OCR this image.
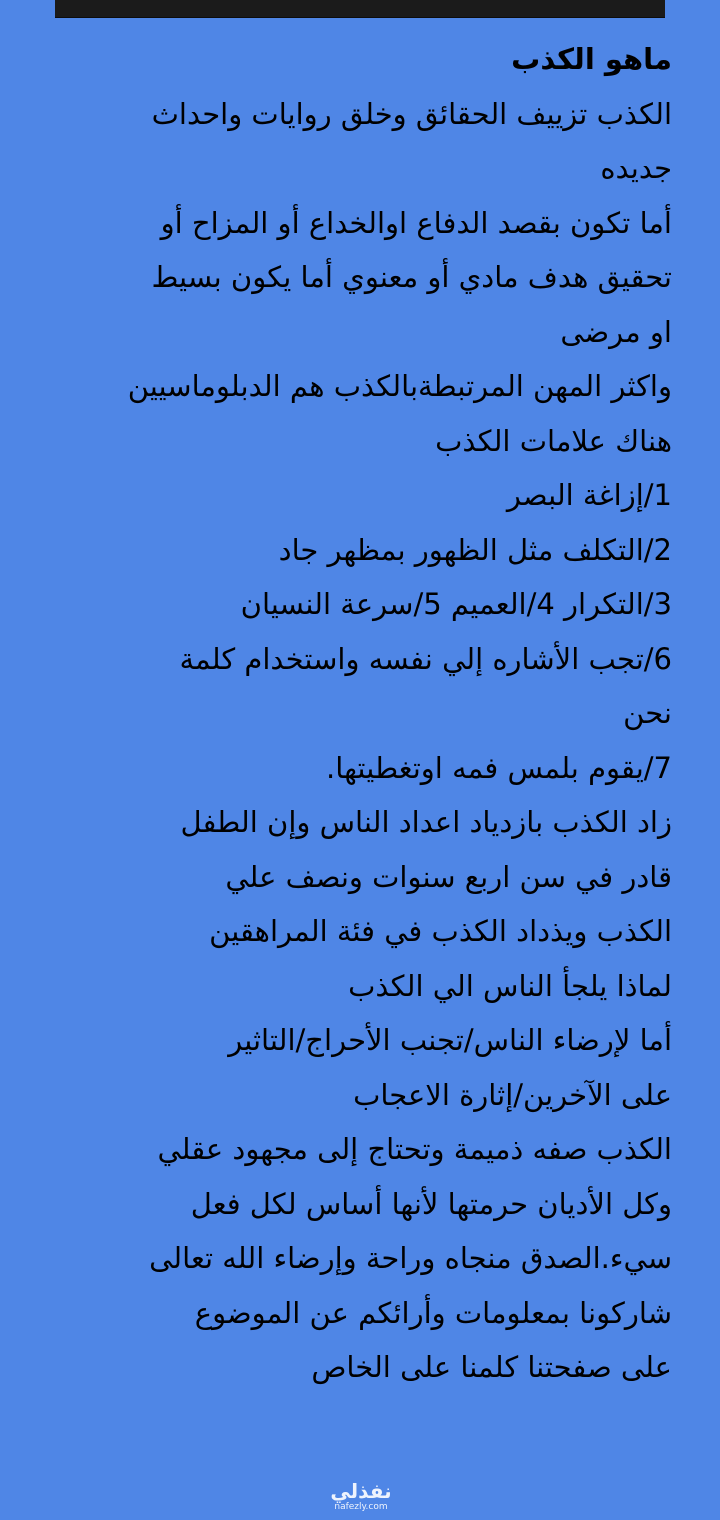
ماهو الكذب
الكذب تزييف الحقائق وخلق روايات واحداث
جديده
أما تكون بقصد الدفاع اوالخداع أو المزاح أو
تحقيق هدف مادي أو معنوي أما يكون بسيط
او مرضى
واكثر المهن المرتبطةبالكذب هم الدبلوماسيين
هناك علامات الكذب
1/إزاغة البصر
2/التكلف مثل الظهور بمظهر جاد
3/التكرار 4/العميم 5/سرعة النسيان
6/تجب الأشاره إلي نفسه واستخدام كلمة
نحن
7/يقوم بلمس فمه اوتغطيتها.
زاد الكذب بازدياد اعداد الناس وإن الطفل
قادر في سن اربع سنوات ونصف علي
الكذب ويذداد الكذب في فئة المراهقين
لماذا يلجأ الناس الي الكذب
أما لإرضاء الناس/تجنب الأحراج/التاثير
على الآخرين/إثارة الاعجاب
الكذب صفه ذميمة وتحتاج إلى مجهود عقلي
وكل الأديان حرمتها لأنها أساس لكل فعل
سيء.الصدق منجاه وراحة وإرضاء الله تعالى
شاركونا بمعلومات وأرائكم عن الموضوع
على صفحتنا كلمنا على الخاص
نفذلي
nafezly.com
